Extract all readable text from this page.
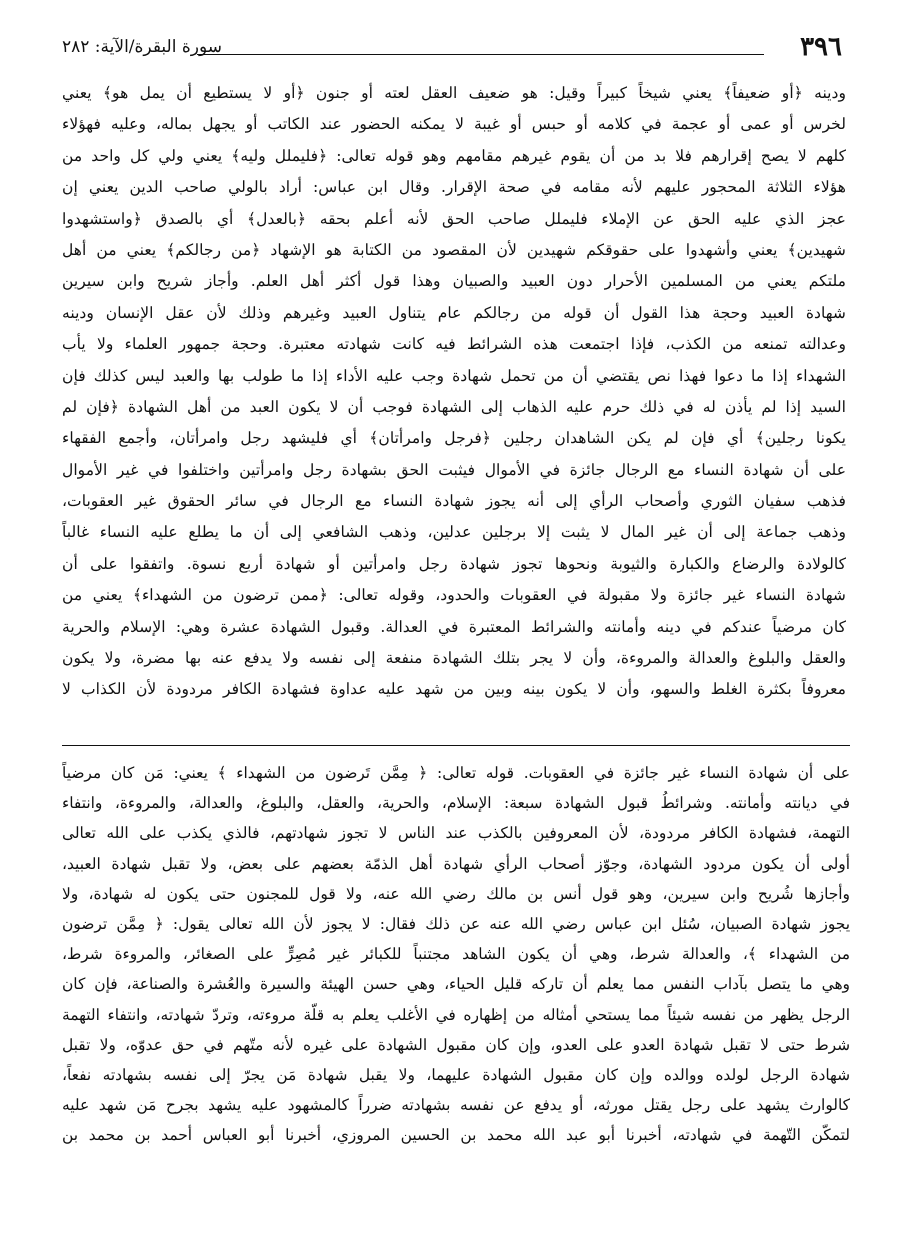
٣٩٦
سورة البقرة/الآية: ٢٨٢
ودينه ﴿أو ضعيفاً﴾ يعني شيخاً كبيراً وقيل: هو ضعيف العقل لعته أو جنون ﴿أو لا يستطيع أن يمل هو﴾ يعني
لخرس أو عمى أو عجمة في كلامه أو حبس أو غيبة لا يمكنه الحضور عند الكاتب أو يجهل بماله، وعليه فهؤلاء
كلهم لا يصح إقرارهم فلا بد من أن يقوم غيرهم مقامهم وهو قوله تعالى: ﴿فليملل وليه﴾ يعني ولي كل واحد من
هؤلاء الثلاثة المحجور عليهم لأنه مقامه في صحة الإقرار. وقال ابن عباس: أراد بالولي صاحب الدين يعني إن
عجز الذي عليه الحق عن الإملاء فليملل صاحب الحق لأنه أعلم بحقه ﴿بالعدل﴾ أي بالصدق ﴿واستشهدوا
شهيدين﴾ يعني وأشهدوا على حقوقكم شهيدين لأن المقصود من الكتابة هو الإشهاد ﴿من رجالكم﴾ يعني من أهل
ملتكم يعني من المسلمين الأحرار دون العبيد والصبيان وهذا قول أكثر أهل العلم. وأجاز شريح وابن سيرين
شهادة العبيد وحجة هذا القول أن قوله من رجالكم عام يتناول العبيد وغيرهم وذلك لأن عقل الإنسان ودينه
وعدالته تمنعه من الكذب، فإذا اجتمعت هذه الشرائط فيه كانت شهادته معتبرة. وحجة جمهور العلماء ولا يأب
الشهداء إذا ما دعوا فهذا نص يقتضي أن من تحمل شهادة وجب عليه الأداء إذا ما طولب بها والعبد ليس كذلك فإن
السيد إذا لم يأذن له في ذلك حرم عليه الذهاب إلى الشهادة فوجب أن لا يكون العبد من أهل الشهادة ﴿فإن لم
يكونا رجلين﴾ أي فإن لم يكن الشاهدان رجلين ﴿فرجل وامرأتان﴾ أي فليشهد رجل وامرأتان، وأجمع الفقهاء
على أن شهادة النساء مع الرجال جائزة في الأموال فيثبت الحق بشهادة رجل وامرأتين واختلفوا في غير الأموال
فذهب سفيان الثوري وأصحاب الرأي إلى أنه يجوز شهادة النساء مع الرجال في سائر الحقوق غير العقوبات،
وذهب جماعة إلى أن غير المال لا يثبت إلا برجلين عدلين، وذهب الشافعي إلى أن ما يطلع عليه النساء غالباً
كالولادة والرضاع والكبارة والثيوبة ونحوها تجوز شهادة رجل وامرأتين أو شهادة أربع نسوة. واتفقوا على أن
شهادة النساء غير جائزة ولا مقبولة في العقوبات والحدود، وقوله تعالى: ﴿ممن ترضون من الشهداء﴾ يعني من
كان مرضياً عندكم في دينه وأمانته والشرائط المعتبرة في العدالة. وقبول الشهادة عشرة وهي: الإسلام والحرية
والعقل والبلوغ والعدالة والمروءة، وأن لا يجر بتلك الشهادة منفعة إلى نفسه ولا يدفع عنه بها مضرة، ولا يكون
معروفاً بكثرة الغلط والسهو، وأن لا يكون بينه وبين من شهد عليه عداوة فشهادة الكافر مردودة لأن الكذاب لا
على أن شهادة النساء غير جائزة في العقوبات. قوله تعالى: ﴿ مِمَّن تَرضون من الشهداء ﴾ يعني: مَن كان مرضياً
في ديانته وأمانته. وشرائطُ قبول الشهادة سبعة: الإسلام، والحرية، والعقل، والبلوغ، والعدالة، والمروءة، وانتفاء
التهمة، فشهادة الكافر مردودة، لأن المعروفين بالكذب عند الناس لا تجوز شهادتهم، فالذي يكذب على الله تعالى
أولى أن يكون مردود الشهادة، وجوّز أصحاب الرأي شهادة أهل الذمّة بعضهم على بعض، ولا تقبل شهادة العبيد،
وأجازها شُريح وابن سيرين، وهو قول أنس بن مالك رضي الله عنه، ولا قول للمجنون حتى يكون له شهادة، ولا
يجوز شهادة الصبيان، سُئل ابن عباس رضي الله عنه عن ذلك فقال: لا يجوز لأن الله تعالى يقول: ﴿ مِمَّن ترضون
من الشهداء ﴾، والعدالة شرط، وهي أن يكون الشاهد مجتنباً للكبائر غير مُصِرٍّ على الصغائر، والمروءة شرط،
وهي ما يتصل بآداب النفس مما يعلم أن تاركه قليل الحياء، وهي حسن الهيئة والسيرة والعُشرة والصناعة، فإن كان
الرجل يظهر من نفسه شيئاً مما يستحي أمثاله من إظهاره في الأغلب يعلم به قلّة مروءته، وتردّ شهادته، وانتفاء التهمة
شرط حتى لا تقبل شهادة العدو على العدو، وإن كان مقبول الشهادة على غيره لأنه متّهم في حق عدوّه، ولا تقبل
شهادة الرجل لولده ووالده وإن كان مقبول الشهادة عليهما، ولا يقبل شهادة مَن يجرّ إلى نفسه بشهادته نفعاً،
كالوارث يشهد على رجل يقتل مورثه، أو يدفع عن نفسه بشهادته ضرراً كالمشهود عليه يشهد بجرح مَن شهد عليه
لتمكّن التّهمة في شهادته، أخبرنا أبو عبد الله محمد بن الحسين المروزي، أخبرنا أبو العباس أحمد بن محمد بن
